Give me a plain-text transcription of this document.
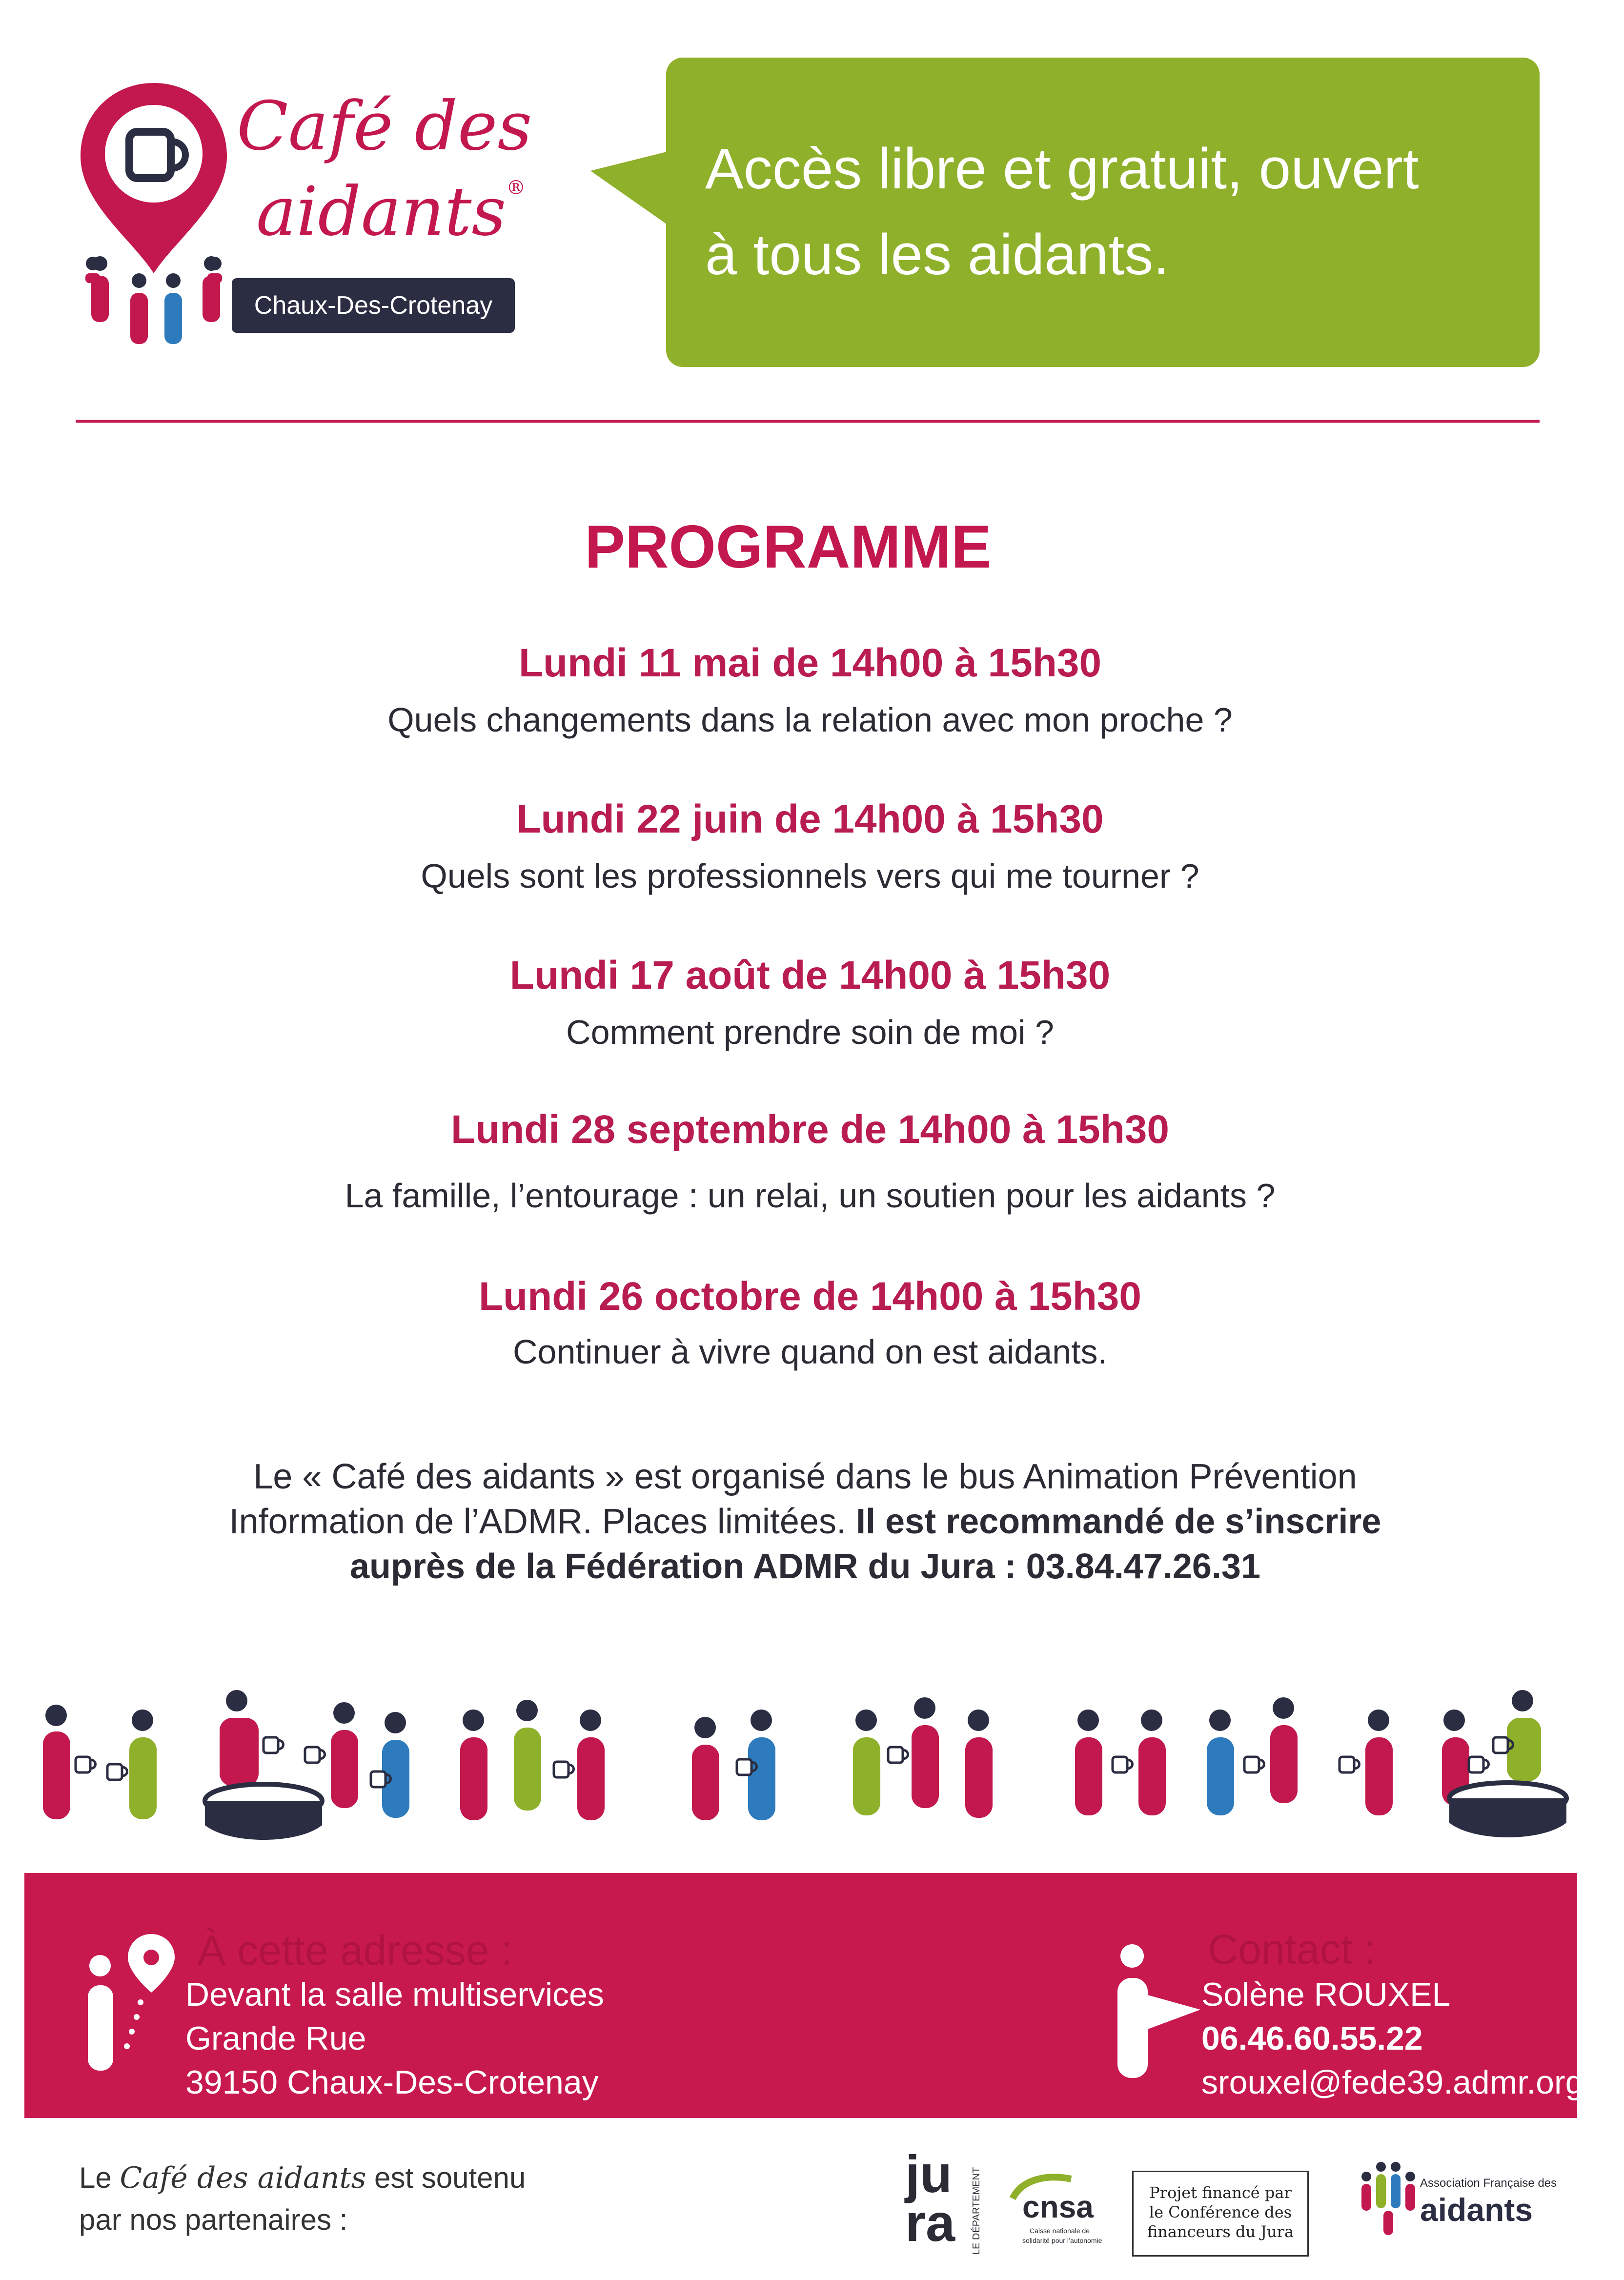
Café des
aidants®
Chaux-Des-Crotenay
Accès libre et gratuit, ouvert
à tous les aidants.
PROGRAMME
Lundi 11 mai de 14h00 à 15h30
Quels changements dans la relation avec mon proche ?
Lundi 22 juin de 14h00 à 15h30
Quels sont les professionnels vers qui me tourner ?
Lundi 17 août de 14h00 à 15h30
Comment prendre soin de moi ?
Lundi 28 septembre de 14h00 à 15h30
La famille, l’entourage : un relai, un soutien pour les aidants ?
Lundi 26 octobre de 14h00 à 15h30
Continuer à vivre quand on est aidants.
Le « Café des aidants » est organisé dans le bus Animation Prévention
Information de l’ADMR. Places limitées. Il est recommandé de s’inscrire
auprès de la Fédération ADMR du Jura : 03.84.47.26.31
À cette adresse :
Devant la salle multiservices
Grande Rue
39150 Chaux-Des-Crotenay
Contact :
Solène ROUXEL
06.46.60.55.22
srouxel@fede39.admr.org
Le Café des aidants est soutenu
par nos partenaires :
ju
ra LE DÉPARTEMENT cnsa
Caisse nationale de
solidarité pour l’autonomie
Projet financé par
le Conférence des
financeurs du Jura
Association Française des
aidants
